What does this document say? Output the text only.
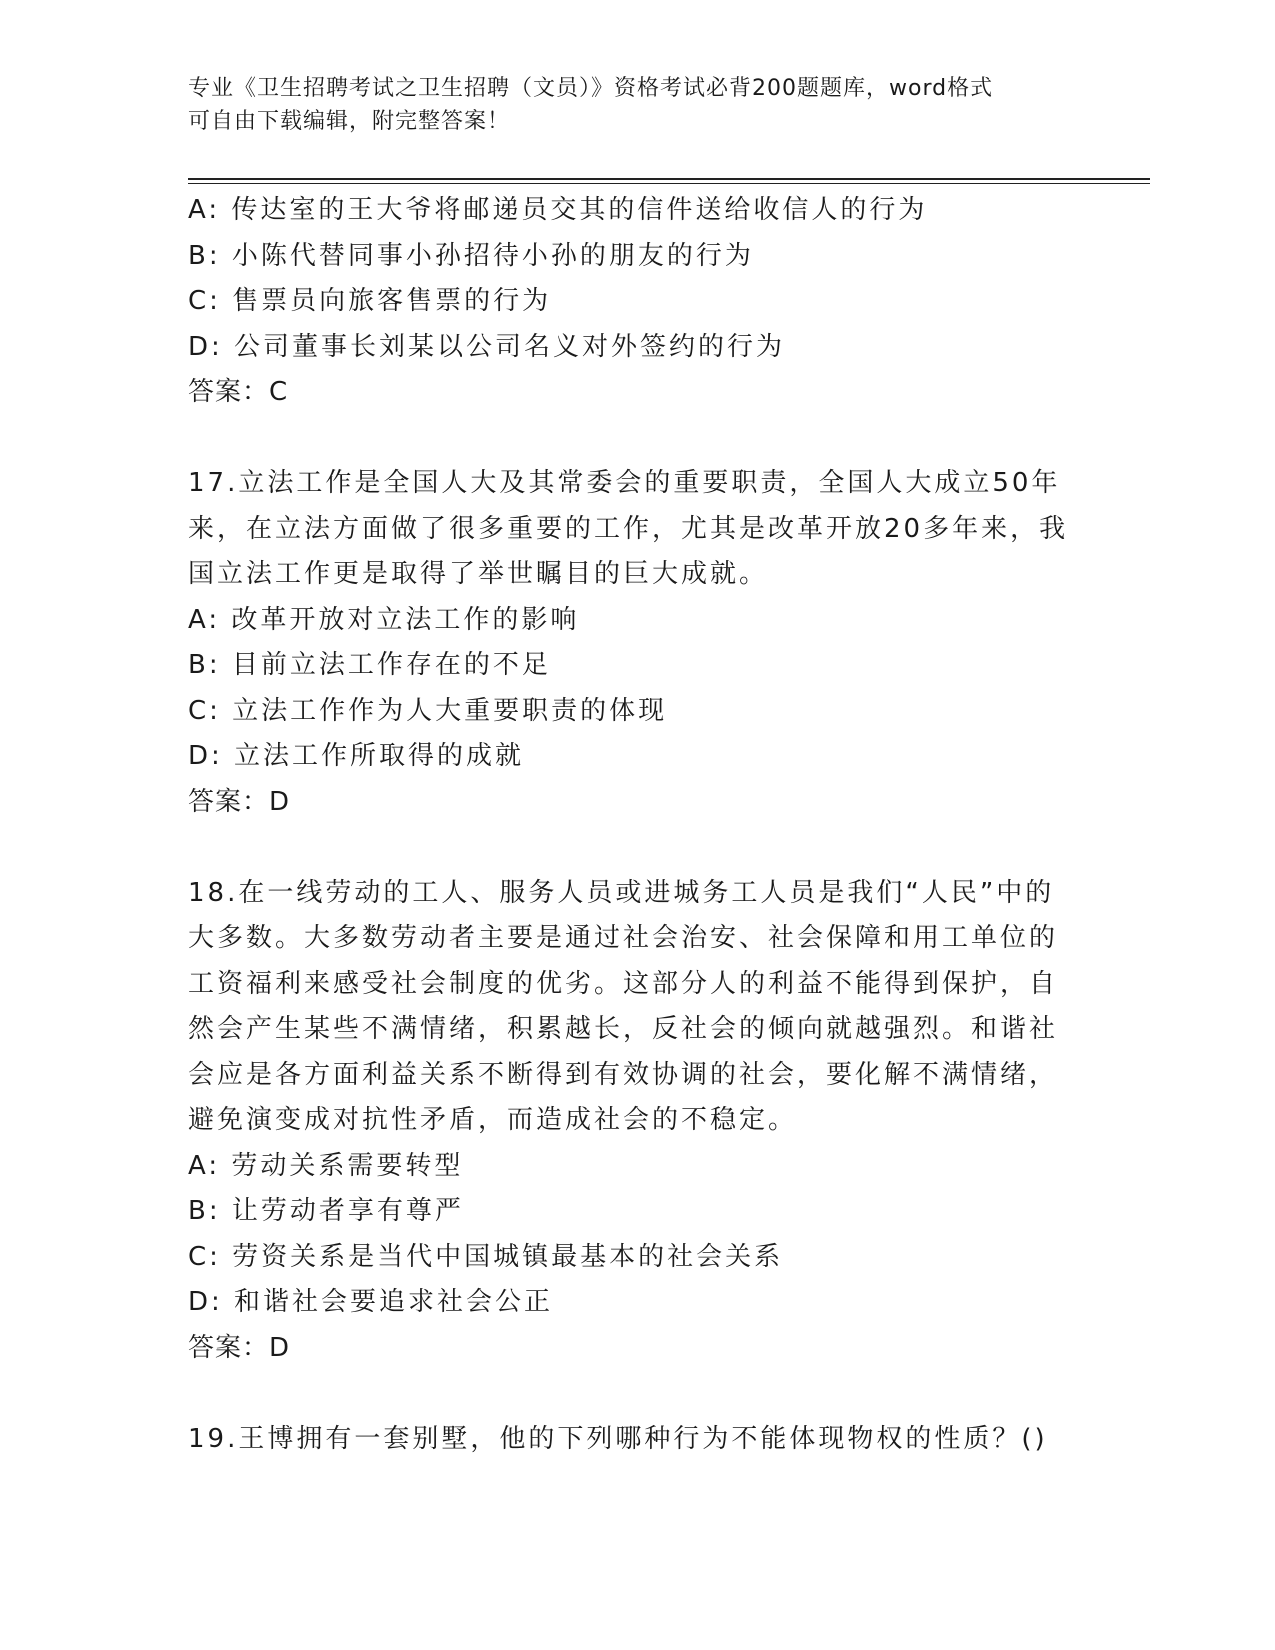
专业《卫生招聘考试之卫生招聘（文员）》资格考试必背200题题库，word格式
可自由下载编辑，附完整答案！
A: 传达室的王大爷将邮递员交其的信件送给收信人的行为
B: 小陈代替同事小孙招待小孙的朋友的行为
C: 售票员向旅客售票的行为
D: 公司董事长刘某以公司名义对外签约的行为
答案：C
17.立法工作是全国人大及其常委会的重要职责，全国人大成立50年
来，在立法方面做了很多重要的工作，尤其是改革开放20多年来，我
国立法工作更是取得了举世瞩目的巨大成就。
A: 改革开放对立法工作的影响
B: 目前立法工作存在的不足
C: 立法工作作为人大重要职责的体现
D: 立法工作所取得的成就
答案：D
18.在一线劳动的工人、服务人员或进城务工人员是我们“人民”中的
大多数。大多数劳动者主要是通过社会治安、社会保障和用工单位的
工资福利来感受社会制度的优劣。这部分人的利益不能得到保护，自
然会产生某些不满情绪，积累越长，反社会的倾向就越强烈。和谐社
会应是各方面利益关系不断得到有效协调的社会，要化解不满情绪，
避免演变成对抗性矛盾，而造成社会的不稳定。
A: 劳动关系需要转型
B: 让劳动者享有尊严
C: 劳资关系是当代中国城镇最基本的社会关系
D: 和谐社会要追求社会公正
答案：D
19.王博拥有一套别墅，他的下列哪种行为不能体现物权的性质？()
